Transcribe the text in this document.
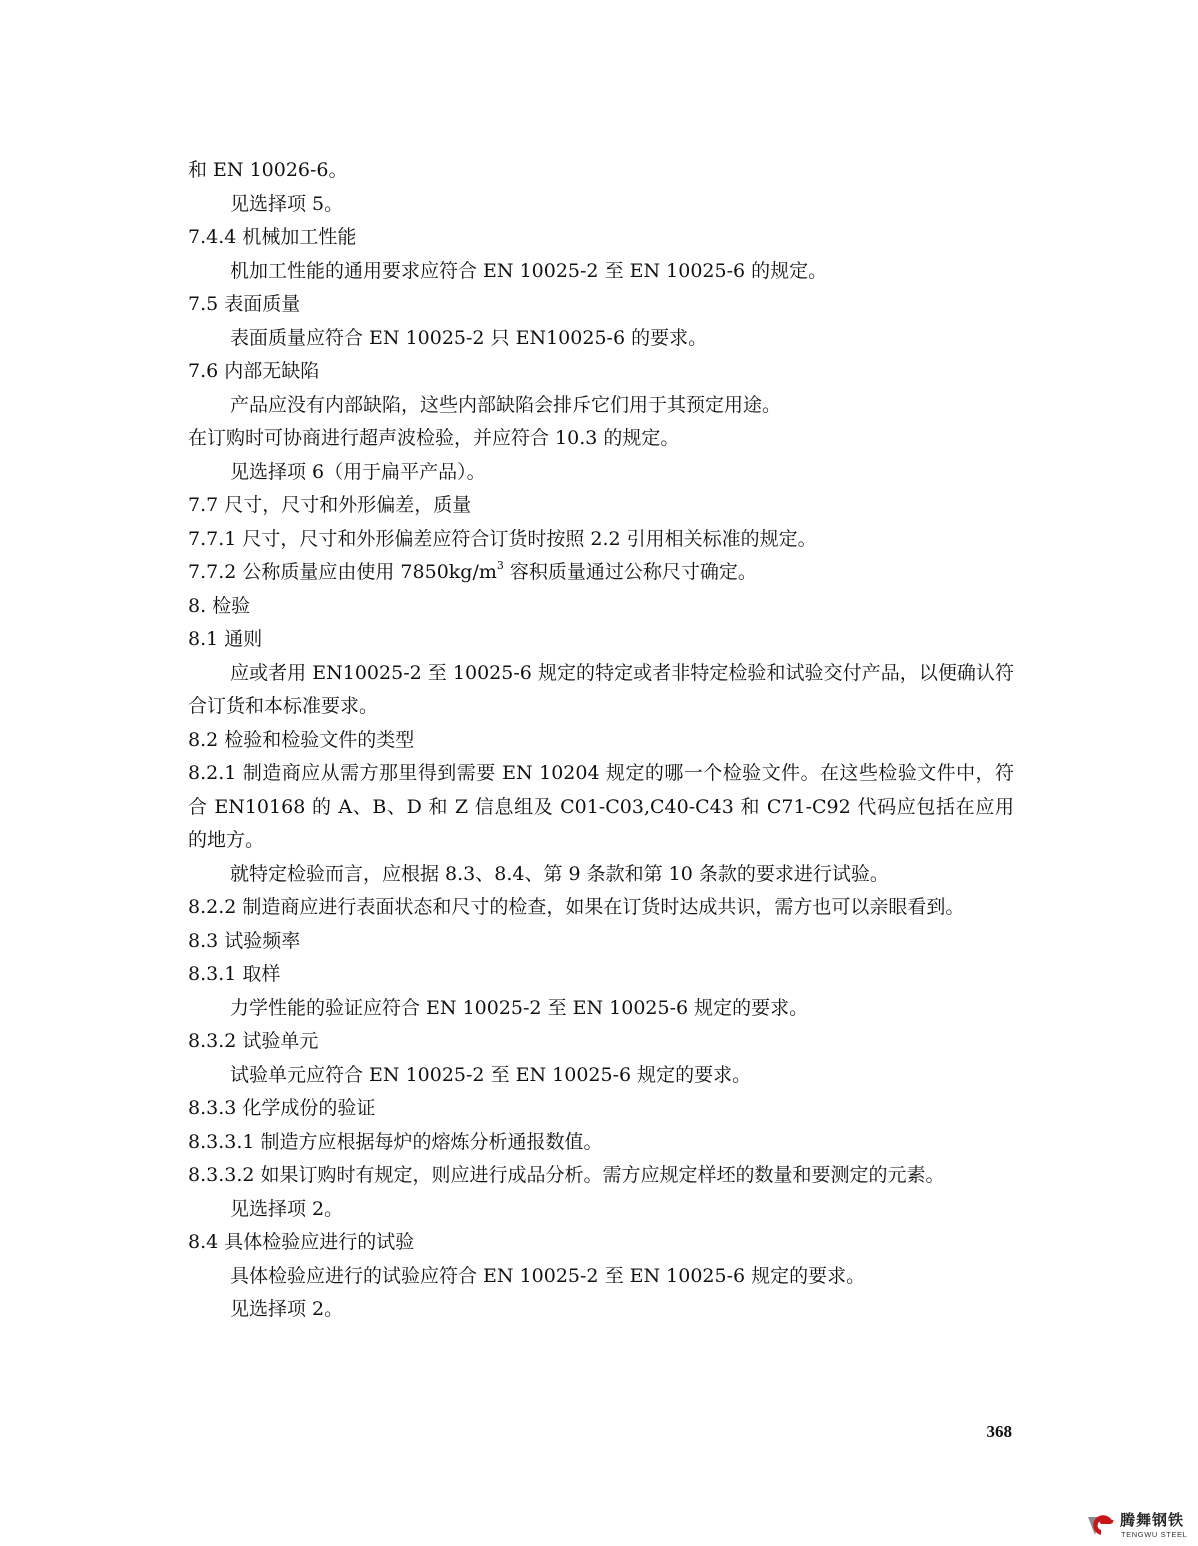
和 EN 10026-6。
见选择项 5。
7.4.4 机械加工性能
机加工性能的通用要求应符合 EN 10025-2 至 EN 10025-6 的规定。
7.5 表面质量
表面质量应符合 EN 10025-2 只 EN10025-6 的要求。
7.6 内部无缺陷
产品应没有内部缺陷，这些内部缺陷会排斥它们用于其预定用途。
在订购时可协商进行超声波检验，并应符合 10.3 的规定。
见选择项 6（用于扁平产品）。
7.7 尺寸，尺寸和外形偏差，质量
7.7.1 尺寸，尺寸和外形偏差应符合订货时按照 2.2 引用相关标准的规定。
7.7.2 公称质量应由使用 $7850kg/m^3$ 容积质量通过公称尺寸确定。
8. 检验
8.1 通则
应或者用 EN10025-2 至 10025-6 规定的特定或者非特定检验和试验交付产品，以便确认符合订货和本标准要求。
8.2 检验和检验文件的类型
8.2.1 制造商应从需方那里得到需要 EN 10204 规定的哪一个检验文件。在这些检验文件中，符合 EN10168 的 A、B、D 和 Z 信息组及 C01-C03,C40-C43 和 C71-C92 代码应包括在应用的地方。
就特定检验而言，应根据 8.3、8.4、第 9 条款和第 10 条款的要求进行试验。
8.2.2 制造商应进行表面状态和尺寸的检查，如果在订货时达成共识，需方也可以亲眼看到。
8.3 试验频率
8.3.1 取样
力学性能的验证应符合 EN 10025-2 至 EN 10025-6 规定的要求。
8.3.2 试验单元
试验单元应符合 EN 10025-2 至 EN 10025-6 规定的要求。
8.3.3 化学成份的验证
8.3.3.1 制造方应根据每炉的熔炼分析通报数值。
8.3.3.2 如果订购时有规定，则应进行成品分析。需方应规定样坯的数量和要测定的元素。
见选择项 2。
8.4 具体检验应进行的试验
具体检验应进行的试验应符合 EN 10025-2 至 EN 10025-6 规定的要求。
见选择项 2。
368
腾舞钢铁
TENGWU STEEL
